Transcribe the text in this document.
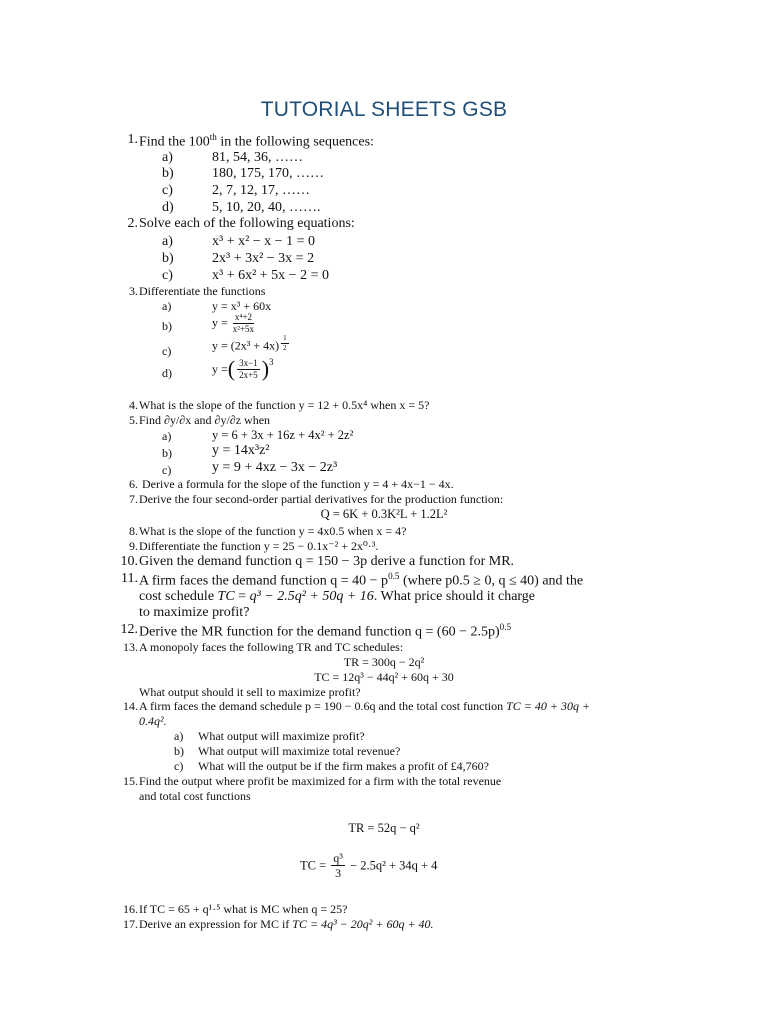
TUTORIAL SHEETS GSB
1. Find the 100th in the following sequences:
a)	81, 54, 36, ……
b)	180, 175, 170, ……
c)	2, 7, 12, 17, ……
d)	5, 10, 20, 40, …….
2. Solve each of the following equations:
a)	x³ + x² − x − 1 = 0
b)	2x³ + 3x² − 3x = 2
c)	x³ + 6x² + 5x − 2 = 0
3. Differentiate the functions
a)	y = x³ + 60x
b)	$y = \frac{\text{x⁴+2}}{\text{x²+5x}}$
c)	$y = (2x^3 + 4x) \frac{1}{2}$
d)	y =( $\frac{3x-1}{2x+5} )^3$
4. What is the slope of the function y = 12 + 0.5x⁴ when x = 5?
5. Find ∂y/∂x and ∂y/∂z when
a)	y = 6 + 3x + 16z + 4x² + 2z²
b)	y = 14x³z²
c)	y = 9 + 4xz − 3x − 2z³
6. Derive a formula for the slope of the function y = 4 + 4x−1 − 4x.
7. Derive the four second-order partial derivatives for the production function:
Q = 6K + 0.3K²L + 1.2L²
8. What is the slope of the function y = 4x0.5 when x = 4?
9. Differentiate the function y = 25 − 0.1x⁻² + 2x⁰·³.
10. Given the demand function q = 150 − 3p derive a function for MR.
11. A firm faces the demand function $q = 40 - p^{0.5}$ (where p0.5 ≥ 0, q ≤ 40) and the
cost schedule TC = q³ − 2.5q² + 50q + 16. What price should it charge
to maximize profit?
12. Derive the MR function for the demand function $q = (60 - 2.5p)^{0.5}$
13. A monopoly faces the following TR and TC schedules:
TR = 300q − 2q²
TC = 12q³ − 44q² + 60q + 30
What output should it sell to maximize profit?
14. A firm faces the demand schedule p = 190 − 0.6q and the total cost function TC = 40 + 30q +
0.4q².
a) What output will maximize profit?
b) What output will maximize total revenue?
c) What will the output be if the firm makes a profit of £4,760?
15. Find the output where profit be maximized for a firm with the total revenue
and total cost functions
TR = 52q − q²
TC = $\frac{\text{q³}}{3} - 2.5q^2 + 34q + 4$
16. If TC = 65 + q¹·⁵ what is MC when q = 25?
17. Derive an expression for MC if TC = 4q³ − 20q² + 60q + 40.
